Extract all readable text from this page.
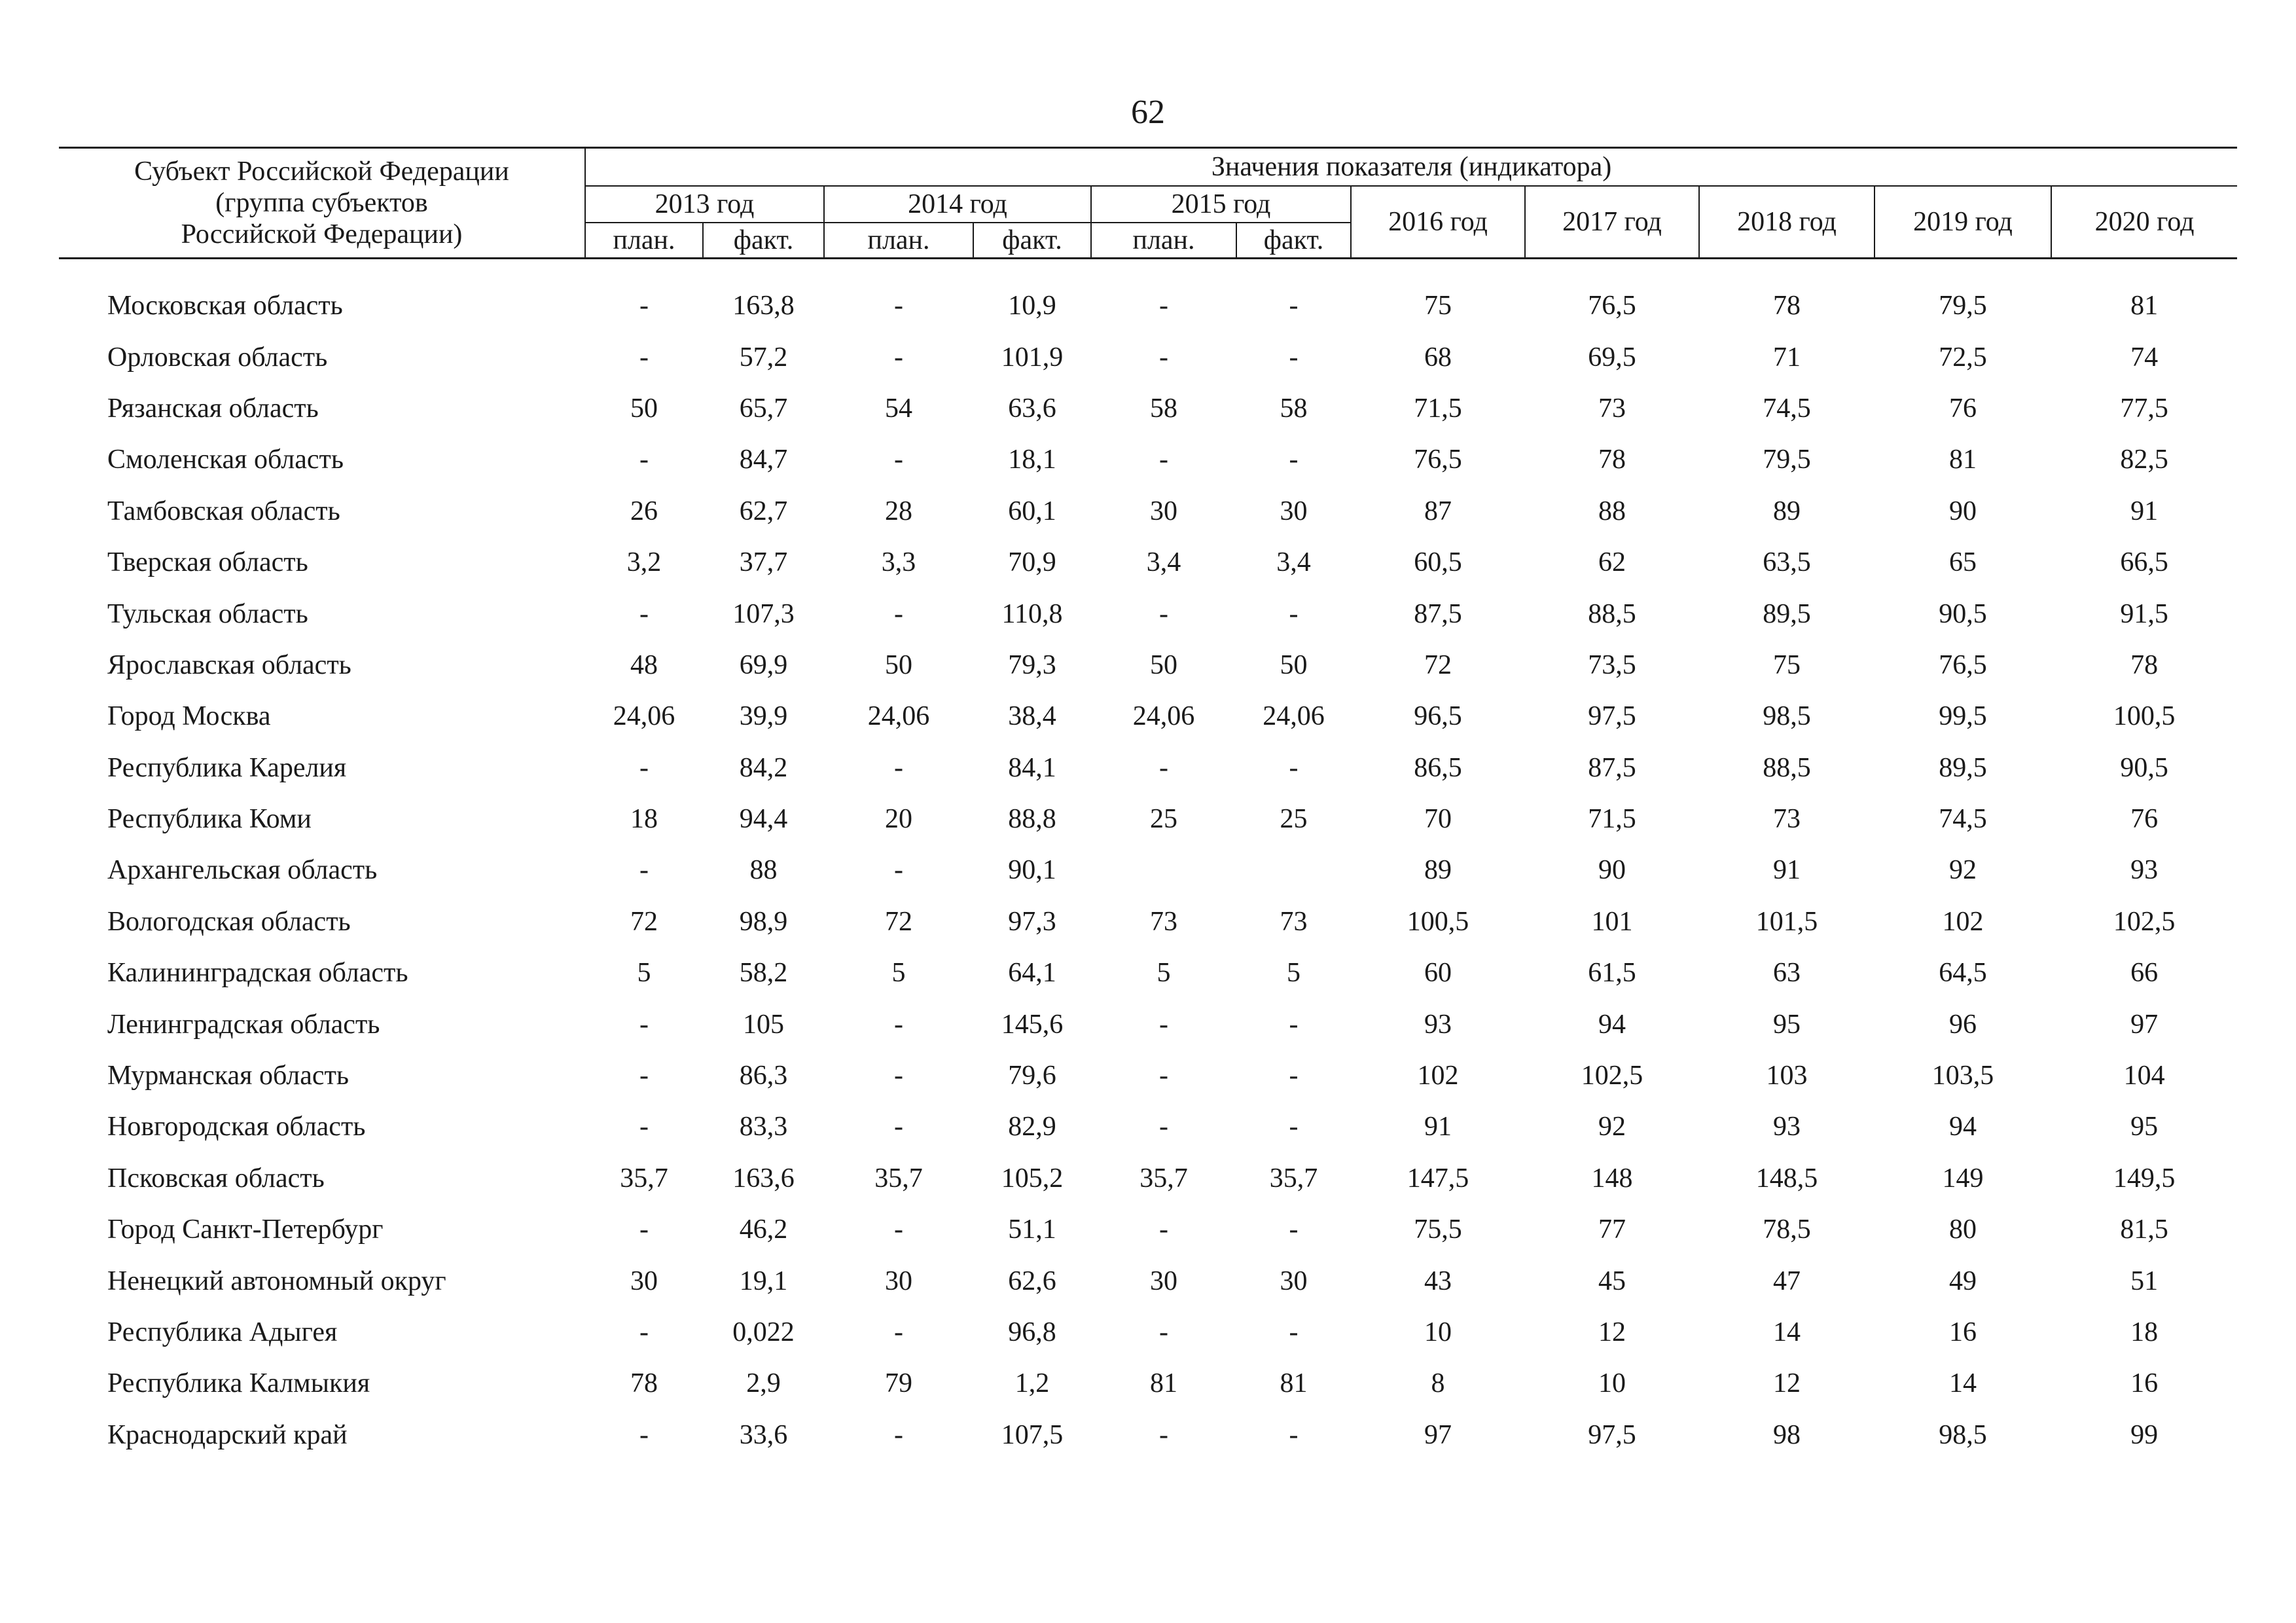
62
Субъект Российской Федерации
(группа субъектов
Российской Федерации)	Значения показателя (индикатора)										
	2013 год		2014 год		2015 год		2016 год	2017 год	2018 год	2019 год	2020 год
	план.	факт.	план.	факт.	план.	факт.					

Московская область	-	163,8	-	10,9	-	-	75	76,5	78	79,5	81
Орловская область	-	57,2	-	101,9	-	-	68	69,5	71	72,5	74
Рязанская область	50	65,7	54	63,6	58	58	71,5	73	74,5	76	77,5
Смоленская область	-	84,7	-	18,1	-	-	76,5	78	79,5	81	82,5
Тамбовская область	26	62,7	28	60,1	30	30	87	88	89	90	91
Тверская область	3,2	37,7	3,3	70,9	3,4	3,4	60,5	62	63,5	65	66,5
Тульская область	-	107,3	-	110,8	-	-	87,5	88,5	89,5	90,5	91,5
Ярославская область	48	69,9	50	79,3	50	50	72	73,5	75	76,5	78
Город Москва	24,06	39,9	24,06	38,4	24,06	24,06	96,5	97,5	98,5	99,5	100,5
Республика Карелия	-	84,2	-	84,1	-	-	86,5	87,5	88,5	89,5	90,5
Республика Коми	18	94,4	20	88,8	25	25	70	71,5	73	74,5	76
Архангельская область	-	88	-	90,1			89	90	91	92	93
Вологодская область	72	98,9	72	97,3	73	73	100,5	101	101,5	102	102,5
Калининградская область	5	58,2	5	64,1	5	5	60	61,5	63	64,5	66
Ленинградская область	-	105	-	145,6	-	-	93	94	95	96	97
Мурманская область	-	86,3	-	79,6	-	-	102	102,5	103	103,5	104
Новгородская область	-	83,3	-	82,9	-	-	91	92	93	94	95
Псковская область	35,7	163,6	35,7	105,2	35,7	35,7	147,5	148	148,5	149	149,5
Город Санкт-Петербург	-	46,2	-	51,1	-	-	75,5	77	78,5	80	81,5
Ненецкий автономный округ	30	19,1	30	62,6	30	30	43	45	47	49	51
Республика Адыгея	-	0,022	-	96,8	-	-	10	12	14	16	18
Республика Калмыкия	78	2,9	79	1,2	81	81	8	10	12	14	16
Краснодарский край	-	33,6	-	107,5	-	-	97	97,5	98	98,5	99
